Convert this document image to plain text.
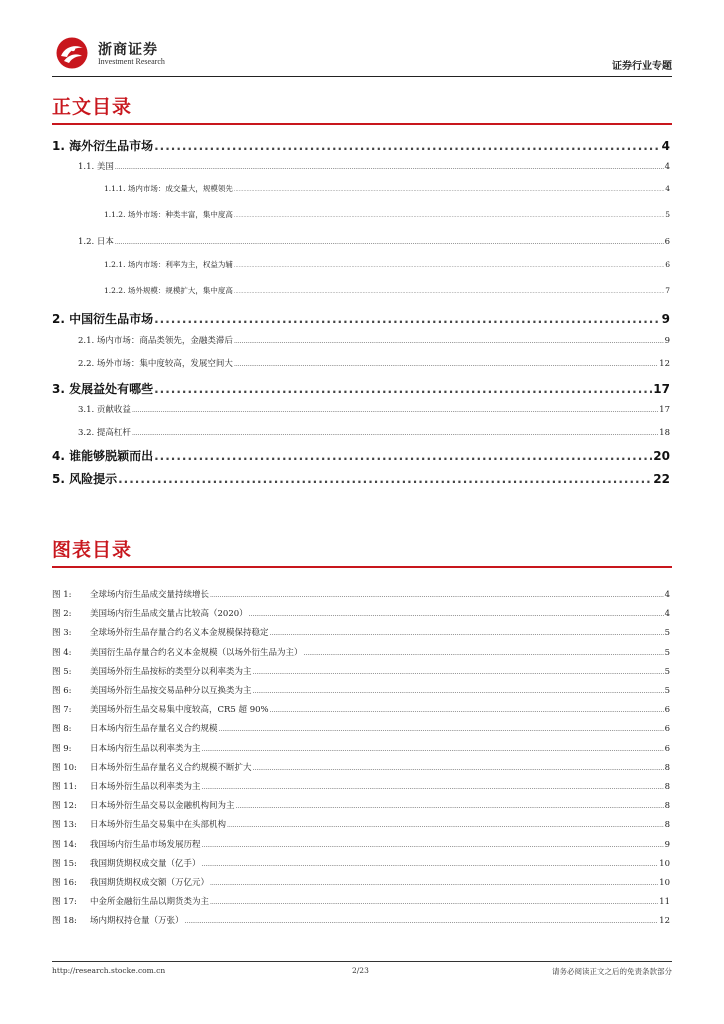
浙商证券
Investment Research	证券行业专题
正文目录
1. 海外衍生品市场 .....	4
1.1. 美国 .....	4
1.1.1. 场内市场：成交量大，规模领先 .....	4
1.1.2. 场外市场：种类丰富，集中度高 .....	5
1.2. 日本 .....	6
1.2.1. 场内市场：利率为主，权益为辅 .....	6
1.2.2. 场外规模：规模扩大，集中度高 .....	7
2. 中国衍生品市场 .....	9
2.1. 场内市场：商品类领先，金融类滞后 .....	9
2.2. 场外市场：集中度较高，发展空间大 .....	12
3. 发展益处有哪些 .....	17
3.1. 贡献收益 .....	17
3.2. 提高杠杆 .....	18
4. 谁能够脱颖而出 .....	20
5. 风险提示 .....	22
图表目录
图 1:	全球场内衍生品成交量持续增长 .....	4
图 2:	美国场内衍生品成交量占比较高（2020） .....	4
图 3:	全球场外衍生品存量合约名义本金规模保持稳定 .....	5
图 4:	美国衍生品存量合约名义本金规模（以场外衍生品为主） .....	5
图 5:	美国场外衍生品按标的类型分以利率类为主 .....	5
图 6:	美国场外衍生品按交易品种分以互换类为主 .....	5
图 7:	美国场外衍生品交易集中度较高，CR5 超 90% .....	6
图 8:	日本场内衍生品存量名义合约规模 .....	6
图 9:	日本场内衍生品以利率类为主 .....	6
图 10:	日本场外衍生品存量名义合约规模不断扩大 .....	8
图 11:	日本场外衍生品以利率类为主 .....	8
图 12:	日本场外衍生品交易以金融机构间为主 .....	8
图 13:	日本场外衍生品交易集中在头部机构 .....	8
图 14:	我国场内衍生品市场发展历程 .....	9
图 15:	我国期货期权成交量（亿手） .....	10
图 16:	我国期货期权成交额（万亿元） .....	10
图 17:	中金所金融衍生品以期货类为主 .....	11
图 18:	场内期权持仓量（万张） .....	12
http://research.stocke.com.cn	2/23	请务必阅读正文之后的免责条款部分
